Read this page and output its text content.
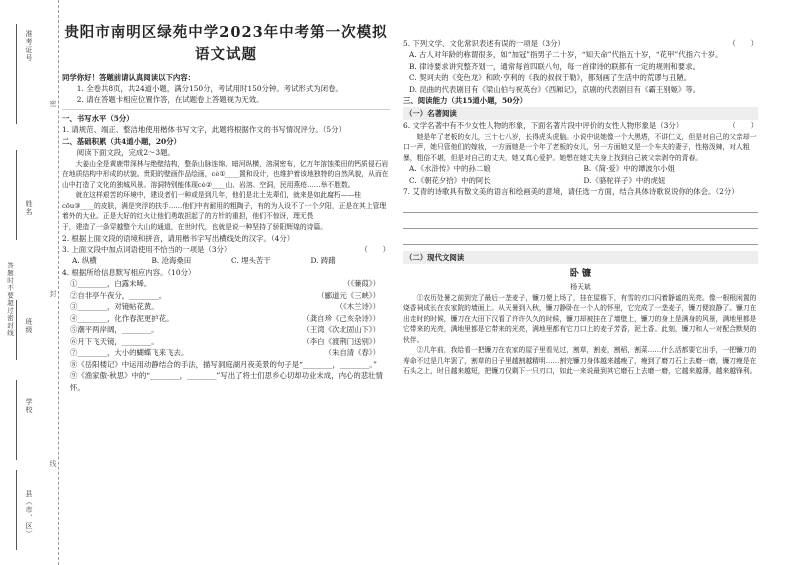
准考证号
姓名
答题时不要超过密封线 班级
学校
县（市、区）
密
封
线
贵阳市南明区绿苑中学2023年中考第一次模拟
语文试题
同学你好！答题前请认真阅读以下内容：
1. 全卷共8页，共24道小题，满分150分，考试用时150分钟。考试形式为闭卷。
2. 请在答题卡相应位置作答，在试题卷上答题视为无效。
一、书写水平（5分）
1. 请规范、端正、整洁地使用楷体书写文字，此题将根据作文的书写情况评分。（5分）
二、基础积累（共4道小题，20分）
阅读下面文段，完成2～3题。
大姜山全是黄鹿带深林与绝壁结构，整条山脉连绵、暗河纵横，溶洞密布，亿万年溶蚀柔田的钙质侵石岩在地质结构中形成的状貌。贵阳的壁画作品绘画，cè①____置和设计，也维护着该地独特的自然风貌，从而在山中打造了文化的独城风景。溶洞特别能体现cè②____山、岩溶、空洞，民用燕疮……举不胜数。
就在这样艰苦的环境中，建设者们一种或是到几年，他们是北土先辈们，就来是如此腐朽——桂cōu③____的皮肤，满是突浮的扶手……他们中有耐用的粗陶子，有的为人设不了一个夕阳，正是在其上管理着外的大业。正是大好的红火让他们勇敢担起了的方针的重担，他们不惊讶，理无畏
于，建造了一条穿越整个大山的通道，在世时代，也就是说一种坚持了骄阳辉煌的诗篇。
2. 根据上面文段的语境和拼音，请用楷书字写出横线处的汉字。（4分）
3. 上面文段中加点词语使用不恰当的一项是（3分）	（　　）
A. 纵横	B. 沧海桑田	C. 埋头苦干	D. 踌躇
4. 根据所给信息默写相应内容。（10分）
①________，白露未晞。	（《蒹葭》）
②自非亭午夜分，________。	（郦道元《三峡》）
③________，对镜帖花黄。	（《木兰诗》）
④________，化作春泥更护花。	（龚自珍《己亥杂诗》）
⑤潮平两岸阔，________。	（王湾《次北固山下》）
⑥月下飞天镜，________。	（李白《渡荆门送别》）
⑦________，大小的蝴蝶飞来飞去。	（朱自清《春》）
⑧《岳阳楼记》中运用动静结合的手法，描写洞庭湖月夜美景的句子是“________，________。”
⑨《渔家傲·秋思》中的“________，________”写出了将士们思乡心切却功业未成，内心的悲壮情怀。
5. 下列文学、文化常识表述有误的一项是（3分）	（　　）
A. 古人对年龄的称谓很多，如“加冠”指男子二十岁，“知天命”代指五十岁，“花甲”代指六十岁。
B. 律诗要求讲究整齐划一，通常每首四联八句，每一首律诗的联都有一定的规则和要求。
C. 契诃夫的《变色龙》和欧·亨利的《我的叔叔于勒》，都刻画了生活中的荒谬与丑陋。
D. 昆曲的代表剧目有《梁山伯与祝英台》《西厢记》，京剧的代表剧目有《霸王别姬》等。
三、阅读能力（共15道小题，50分）
（一）名著阅读
6. 文学名著中有不少女性人物的形象，下面名著片段中评价的女性人物形象是（3分）	（　　）
她是年了老板的女儿，三十七八岁，长得虎头虎脑。小说中说她像一个大黑塔，不讲仁义，但是对自己的父亲却一口一声，她只管他们的嫁妆，一方面她是一个年了老板的女儿，另一方面她又是一个车夫的妻子，性格泼辣，对人粗暴，粗俗不堪，但是对自己的丈夫，她又真心爱护。她想在她丈夫身上找到自己被父亲剥夺的青春。
A.《水浒传》中的孙二娘	B.《简·爱》中的谭波尔小姐
C.《朝花夕拾》中的阿长	D.《骆驼祥子》中的虎妞
7. 艾青的诗歌具有散文美的语言和绘画美的意境，请任选一方面，结合具体诗歌说说你的体会。（2分）
（二）现代文阅读
卧 镰
杨天斌
①农历处暑之前到完了最后一垄麦子，镰刀便上场了，挂在屋檐下，有雪的刃口闪着静谧的光亮。像一根根闲置的烧香祠成长在农家院的墙面上。从天暑到入秋，镰刀静卧在一个人的怀里，它完成了一垄麦子，镰刀便寂静了。镰刀在出走时的时候，镰刀在大田下汉看了许许久久的时候，镰刀却被挂在了墙壁上，镰刀的身上是满身的风景，满地里都是它带来的光亮，满地里都是它带来的光亮，满地里都有它刀口上的麦子芳香，泥土香。此刻，镰刀和人一对配合默契的伙伴。
②几年前，我给看一把镰刀在农家的屋子里看见过，割草，割麦，割稻，割菜……什么活都要它出手，一把镰刀的寿命不过是几年罢了，割草的日子里越割越精明……割完镰刀身体越来越瘦了，瘦到了磨刀石上去磨一磨，镰刀瘦是在石头之上，时日越来越短，把镰刀仅剩下一只刃口，如此一来说最到其它磨石上去磨一磨，它越来越薄，越来越锋利。
